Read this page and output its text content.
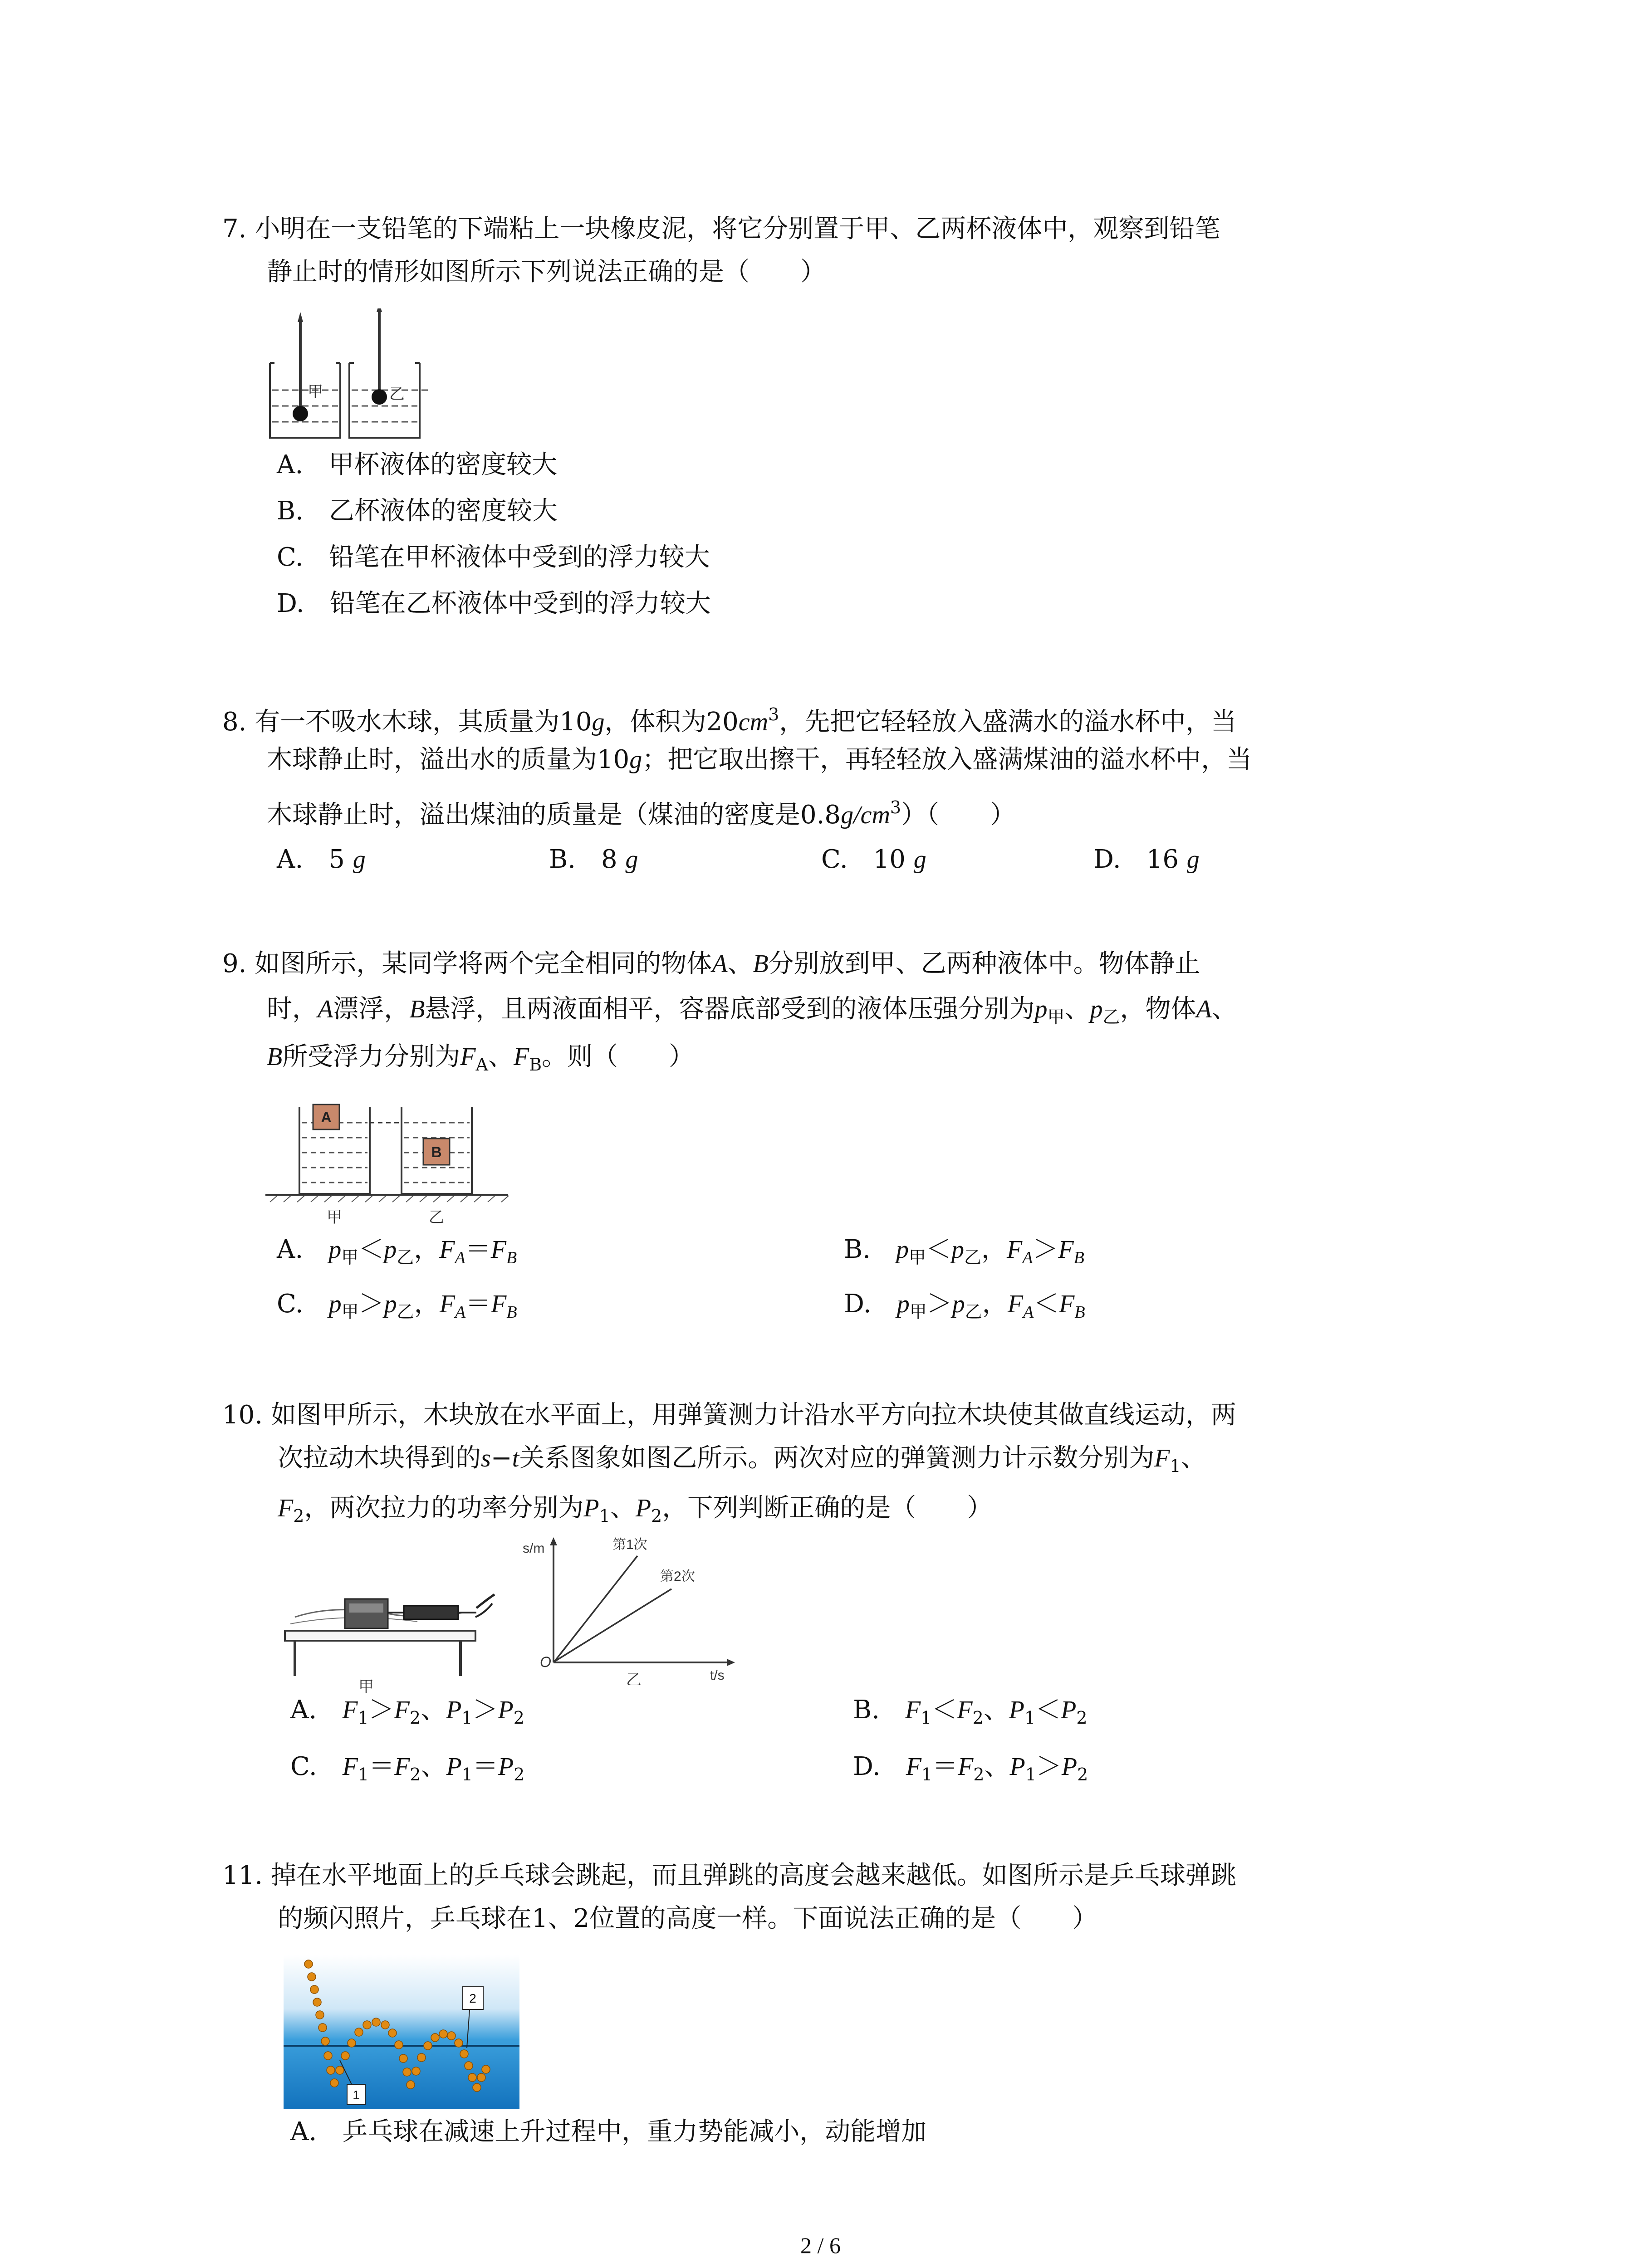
7. 小明在一支铅笔的下端粘上一块橡皮泥，将它分别置于甲、乙两杯液体中，观察到铅笔
静止时的情形如图所示下列说法正确的是（　　）
甲	乙
A.　甲杯液体的密度较大
B.　乙杯液体的密度较大
C.　铅笔在甲杯液体中受到的浮力较大
D.　铅笔在乙杯液体中受到的浮力较大
8. 有一不吸水木球，其质量为10g，体积为$20cm^3$，先把它轻轻放入盛满水的溢水杯中，当
木球静止时，溢出水的质量为10g；把它取出擦干，再轻轻放入盛满煤油的溢水杯中，当
木球静止时，溢出煤油的质量是（煤油的密度是$0.8g/cm^3$）（　　）
A.　 5 g	B.　 8 g	C.　 10 g	D.　 16 g
9. 如图所示，某同学将两个完全相同的物体A、B分别放到甲、乙两种液体中。物体静止
时，A漂浮，B悬浮，且两液面相平，容器底部受到的液体压强分别为$p_甲$、$p_乙$，物体A、
B所受浮力分别为$F_A$、$F_B$。则（　　）
A
B
甲	乙
A.　 $p_甲<p_乙$，$F_A=F_B$	B.　 $p_甲<p_乙$，$F_A>F_B$
C.　 $p_甲>p_乙$，$F_A=F_B$	D.　 $p_甲>p_乙$，$F_A<F_B$
10. 如图甲所示，木块放在水平面上，用弹簧测力计沿水平方向拉木块使其做直线运动，两
次拉动木块得到的s−t关系图象如图乙所示。两次对应的弹簧测力计示数分别为$F_1$、
$F_2$，两次拉力的功率分别为$P_1$、$P_2$，下列判断正确的是（　　）
甲
s/m	第1次
第2次
O
乙	t/s
A.　 $F_1>F_2$、$P_1>P_2$	B.　 $F_1<F_2$、$P_1<P_2$
C.　 $F_1=F_2$、$P_1=P_2$	D.　 $F_1=F_2$、$P_1>P_2$
11. 掉在水平地面上的乒乓球会跳起，而且弹跳的高度会越来越低。如图所示是乒乓球弹跳
的频闪照片，乒乓球在1、2位置的高度一样。下面说法正确的是（　　）
1
2
A.　乒乓球在减速上升过程中，重力势能减小，动能增加
2 / 6
